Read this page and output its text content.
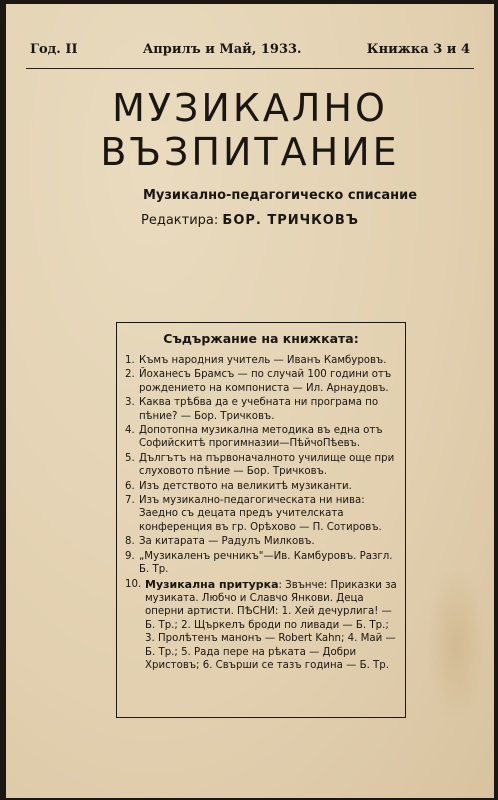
Год. II	Априлъ и Май, 1933.	Книжка 3 и 4
МУЗИКАЛНО
ВЪЗПИТАНИЕ
Музикално-педагогическо списание
Редактира: БОР. ТРИЧКОВЪ
Съдържание на книжката:
1. Къмъ народния учитель — Иванъ Камбуровъ.
2. Йоханесъ Брамсъ — по случай 100 години отъ рождението на компониста — Ил. Арнаудовъ.
3. Каква трѣбва да е учебната ни програма по пѣние? — Бор. Тричковъ.
4. Допотопна музикална методика въ една отъ Софийскитѣ прогимназии—ПѣйчоПѣевъ.
5. Дългътъ на първоначалното училище още при слуховото пѣние — Бор. Тричковъ.
6. Изъ детството на великитѣ музиканти.
7. Изъ музикално-педагогическата ни нива: Заедно съ децата предъ учителската конференция въ гр. Орѣхово — П. Сотировъ.
8. За китарата — Радулъ Милковъ.
9. „Музикаленъ речникъ"—Ив. Камбуровъ. Разгл. Б. Тр.
10. Музикална притурка: Звънче: Приказки за музиката. Любчо и Славчо Янкови. Деца оперни артисти. ПѢСНИ: 1. Хей дечурлига! — Б. Тр.; 2. Щъркелъ броди по ливади — Б. Тр.; 3. Пролѣтенъ манонъ — Robert Kahn; 4. Май — Б. Тр.; 5. Рада пере на рѣката — Добри Христовъ; 6. Свърши се тазъ година — Б. Тр.
